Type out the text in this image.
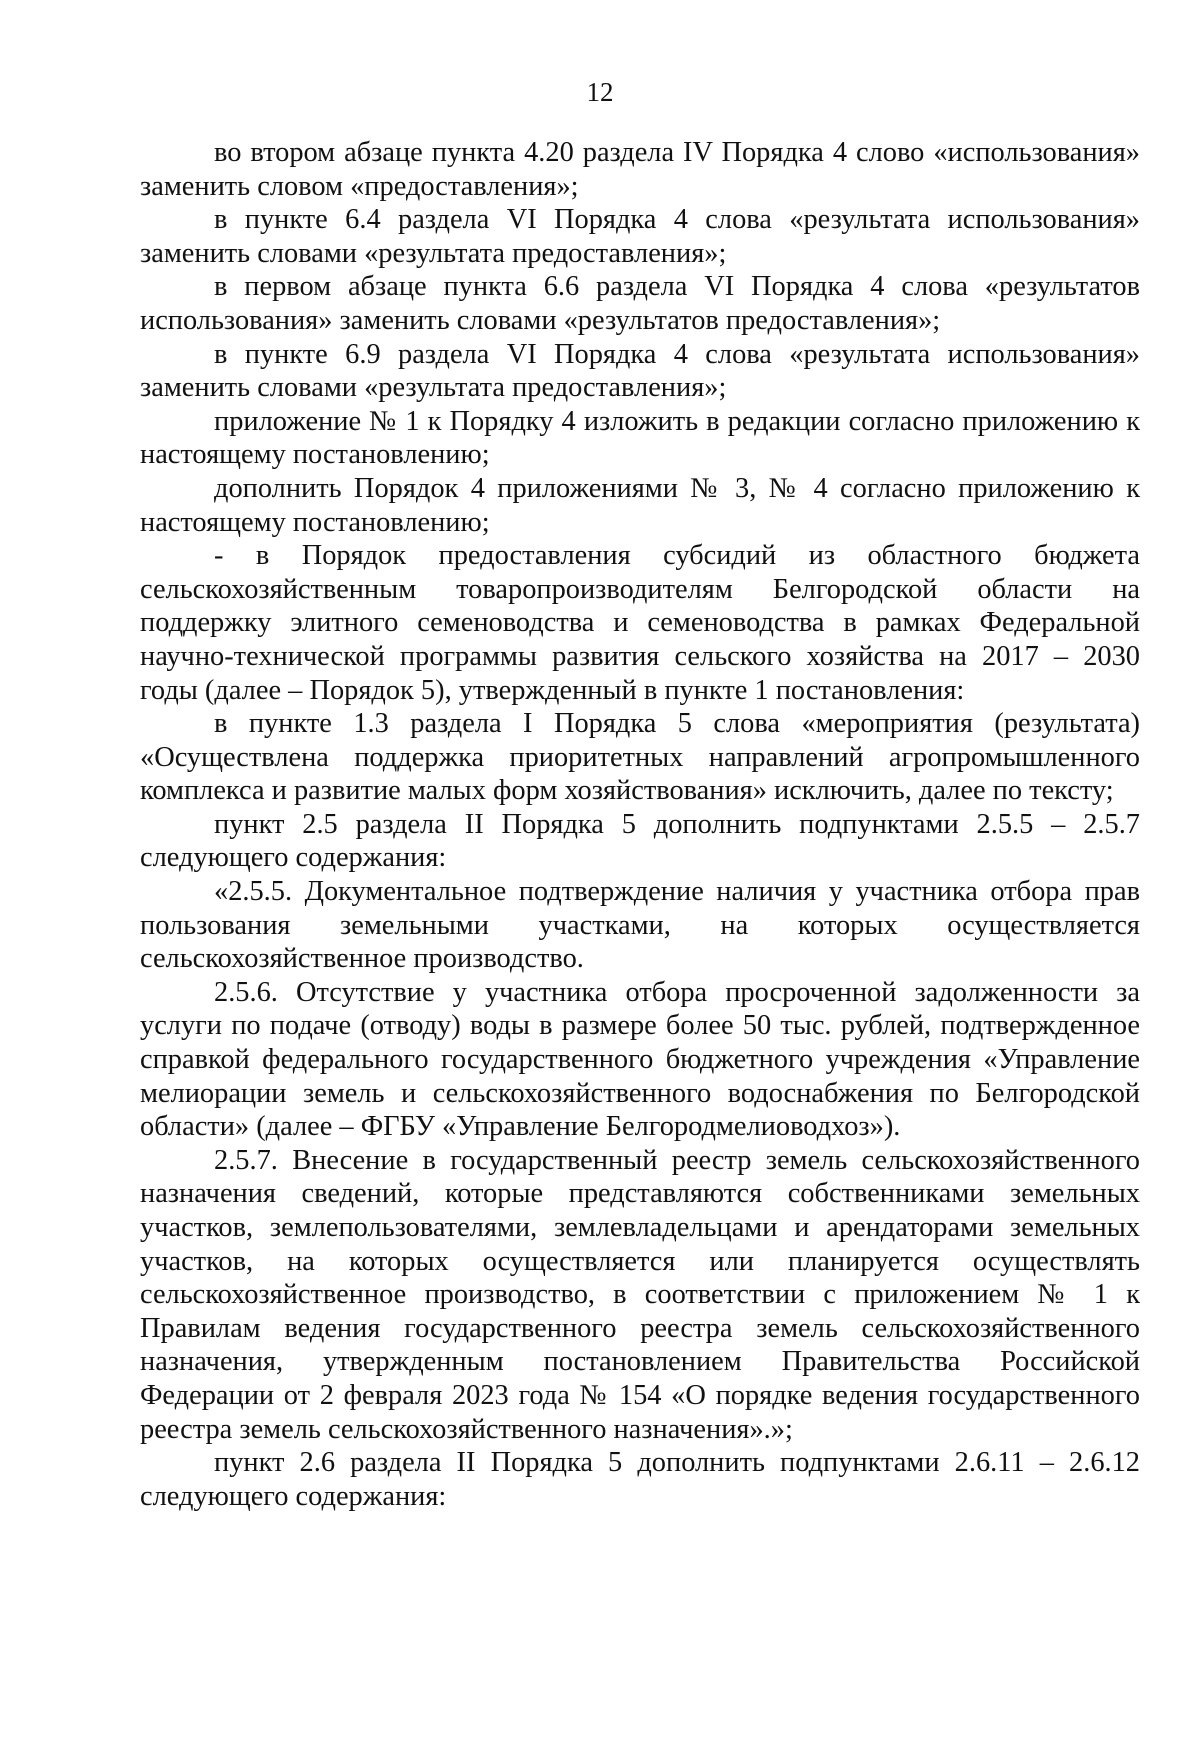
12

во втором абзаце пункта 4.20 раздела IV Порядка 4 слово «использования» заменить словом «предоставления»;

в пункте 6.4 раздела VI Порядка 4 слова «результата использования» заменить словами «результата предоставления»;

в первом абзаце пункта 6.6 раздела VI Порядка 4 слова «результатов использования» заменить словами «результатов предоставления»;

в пункте 6.9 раздела VI Порядка 4 слова «результата использования» заменить словами «результата предоставления»;

приложение № 1 к Порядку 4 изложить в редакции согласно приложению к настоящему постановлению;

дополнить Порядок 4 приложениями № 3, № 4 согласно приложению к настоящему постановлению;

- в Порядок предоставления субсидий из областного бюджета сельскохозяйственным товаропроизводителям Белгородской области на поддержку элитного семеноводства и семеноводства в рамках Федеральной научно-технической программы развития сельского хозяйства на 2017 – 2030 годы (далее – Порядок 5), утвержденный в пункте 1 постановления:

в пункте 1.3 раздела I Порядка 5 слова «мероприятия (результата) «Осуществлена поддержка приоритетных направлений агропромышленного комплекса и развитие малых форм хозяйствования» исключить, далее по тексту;

пункт 2.5 раздела II Порядка 5 дополнить подпунктами 2.5.5 – 2.5.7 следующего содержания:

«2.5.5. Документальное подтверждение наличия у участника отбора прав пользования земельными участками, на которых осуществляется сельскохозяйственное производство.

2.5.6. Отсутствие у участника отбора просроченной задолженности за услуги по подаче (отводу) воды в размере более 50 тыс. рублей, подтвержденное справкой федерального государственного бюджетного учреждения «Управление мелиорации земель и сельскохозяйственного водоснабжения по Белгородской области» (далее – ФГБУ «Управление Белгородмелиоводхоз»).

2.5.7. Внесение в государственный реестр земель сельскохозяйственного назначения сведений, которые представляются собственниками земельных участков, землепользователями, землевладельцами и арендаторами земельных участков, на которых осуществляется или планируется осуществлять сельскохозяйственное производство, в соответствии с приложением № 1 к Правилам ведения государственного реестра земель сельскохозяйственного назначения, утвержденным постановлением Правительства Российской Федерации от 2 февраля 2023 года № 154 «О порядке ведения государственного реестра земель сельскохозяйственного назначения».»;

пункт 2.6 раздела II Порядка 5 дополнить подпунктами 2.6.11 – 2.6.12 следующего содержания:
